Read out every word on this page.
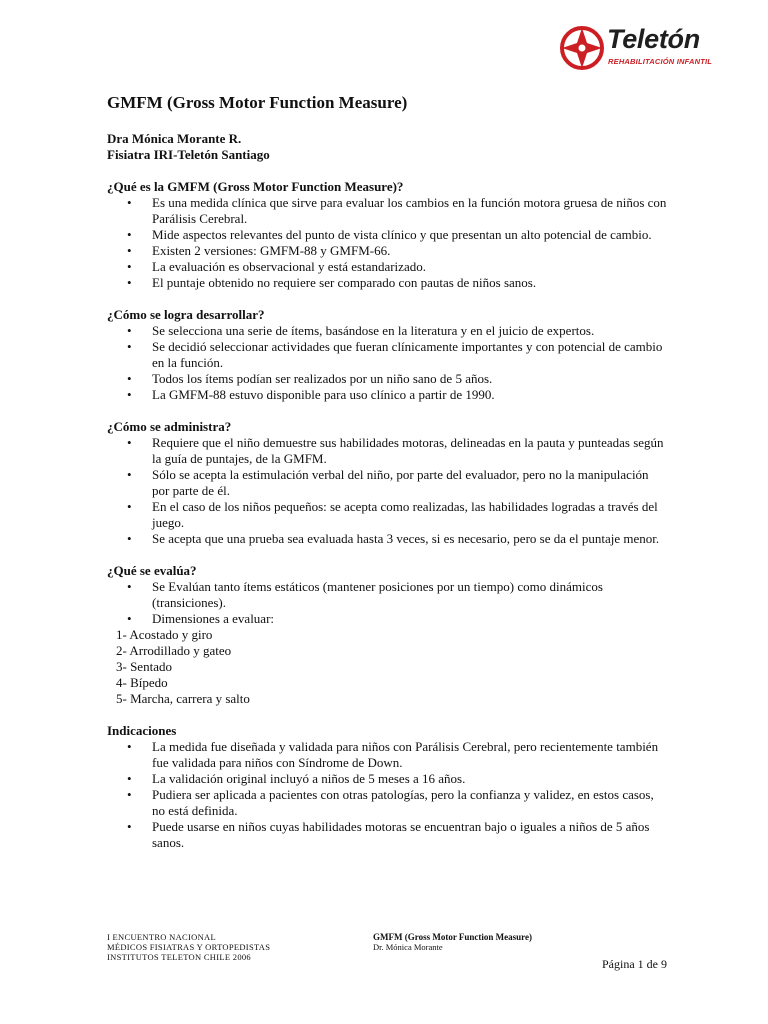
Teletón
REHABILITACIÓN INFANTIL
GMFM (Gross Motor Function Measure)
Dra Mónica Morante R.
Fisiatra IRI-Teletón Santiago
¿Qué es la GMFM (Gross Motor Function Measure)?
• Es una medida clínica que sirve para evaluar los cambios en la función motora gruesa de niños con Parálisis Cerebral.
• Mide aspectos relevantes del punto de vista clínico y que presentan un alto potencial de cambio.
• Existen 2 versiones: GMFM-88 y GMFM-66.
• La evaluación es observacional y está estandarizado.
• El puntaje obtenido no requiere ser comparado con pautas de niños sanos.
¿Cómo se logra desarrollar?
• Se selecciona una serie de ítems, basándose en la literatura y en el juicio de expertos.
• Se decidió seleccionar actividades que fueran clínicamente importantes y con potencial de cambio en la función.
• Todos los ítems podían ser realizados por un niño sano de 5 años.
• La GMFM-88 estuvo disponible para uso clínico a partir de 1990.
¿Cómo se administra?
• Requiere que el niño demuestre sus habilidades motoras, delineadas en la pauta y punteadas según la guía de puntajes, de la GMFM.
• Sólo se acepta la estimulación verbal del niño, por parte del evaluador, pero no la manipulación por parte de él.
• En el caso de los niños pequeños: se acepta como realizadas, las habilidades logradas a través del juego.
• Se acepta que una prueba sea evaluada hasta 3 veces, si es necesario, pero se da el puntaje menor.
¿Qué se evalúa?
• Se Evalúan tanto ítems estáticos (mantener posiciones por un tiempo) como dinámicos (transiciones).
• Dimensiones a evaluar:
1- Acostado y giro
2- Arrodillado y gateo
3- Sentado
4- Bípedo
5- Marcha, carrera y salto
Indicaciones
• La medida fue diseñada y validada para niños con Parálisis Cerebral, pero recientemente también fue validada para niños con Síndrome de Down.
• La validación original incluyó a niños de 5 meses a 16 años.
• Pudiera ser aplicada a pacientes con otras patologías, pero la confianza y validez, en estos casos, no está definida.
• Puede usarse en niños cuyas habilidades motoras se encuentran bajo o iguales a niños de 5 años sanos.
I ENCUENTRO NACIONAL
MÉDICOS FISIATRAS Y ORTOPEDISTAS
INSTITUTOS TELETON CHILE 2006
GMFM (Gross Motor Function Measure)
Dr. Mónica Morante
Página 1 de 9
